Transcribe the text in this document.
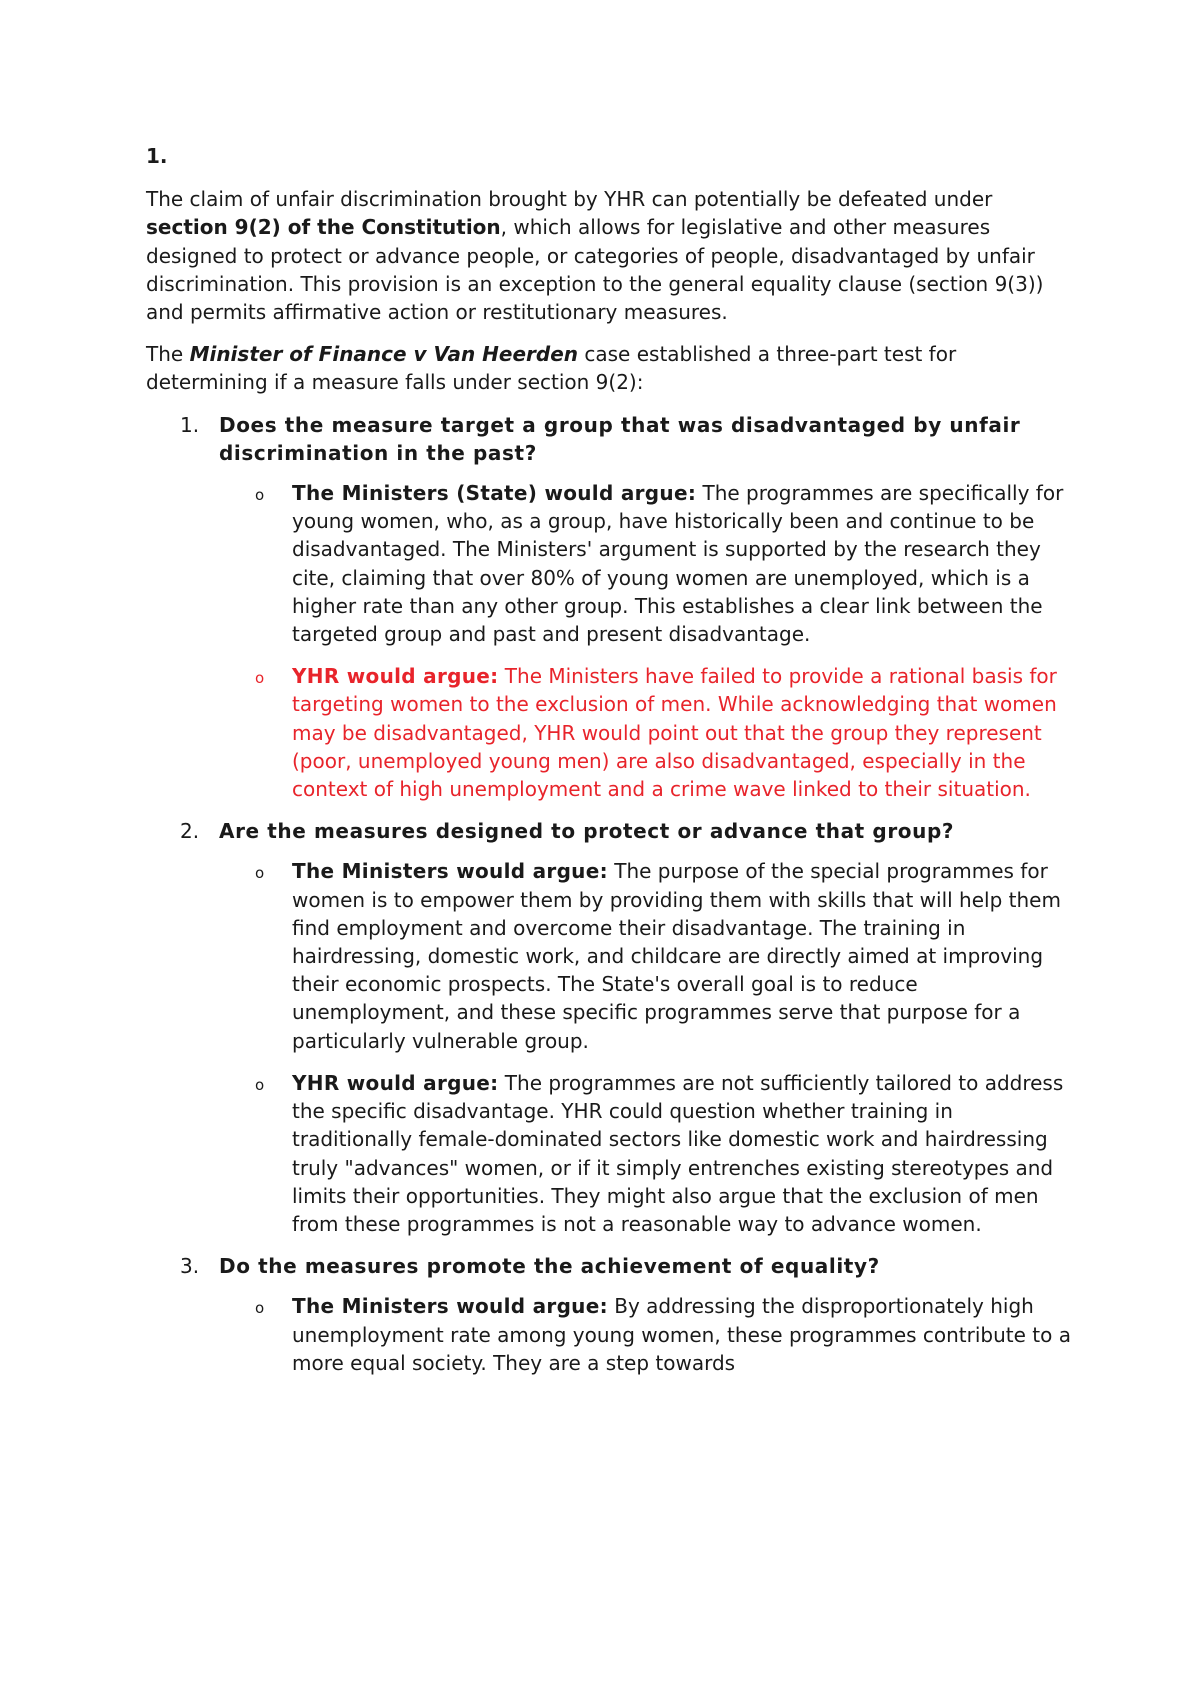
1.

The claim of unfair discrimination brought by YHR can potentially be defeated under section 9(2) of the Constitution, which allows for legislative and other measures designed to protect or advance people, or categories of people, disadvantaged by unfair discrimination. This provision is an exception to the general equality clause (section 9(3)) and permits affirmative action or restitutionary measures.

The Minister of Finance v Van Heerden case established a three-part test for determining if a measure falls under section 9(2):

1. Does the measure target a group that was disadvantaged by unfair discrimination in the past?
o The Ministers (State) would argue: The programmes are specifically for young women, who, as a group, have historically been and continue to be disadvantaged. The Ministers' argument is supported by the research they cite, claiming that over 80% of young women are unemployed, which is a higher rate than any other group. This establishes a clear link between the targeted group and past and present disadvantage.
o YHR would argue: The Ministers have failed to provide a rational basis for targeting women to the exclusion of men. While acknowledging that women may be disadvantaged, YHR would point out that the group they represent (poor, unemployed young men) are also disadvantaged, especially in the context of high unemployment and a crime wave linked to their situation.
2. Are the measures designed to protect or advance that group?
o The Ministers would argue: The purpose of the special programmes for women is to empower them by providing them with skills that will help them find employment and overcome their disadvantage. The training in hairdressing, domestic work, and childcare are directly aimed at improving their economic prospects. The State's overall goal is to reduce unemployment, and these specific programmes serve that purpose for a particularly vulnerable group.
o YHR would argue: The programmes are not sufficiently tailored to address the specific disadvantage. YHR could question whether training in traditionally female-dominated sectors like domestic work and hairdressing truly "advances" women, or if it simply entrenches existing stereotypes and limits their opportunities. They might also argue that the exclusion of men from these programmes is not a reasonable way to advance women.
3. Do the measures promote the achievement of equality?
o The Ministers would argue: By addressing the disproportionately high unemployment rate among young women, these programmes contribute to a more equal society. They are a step towards
